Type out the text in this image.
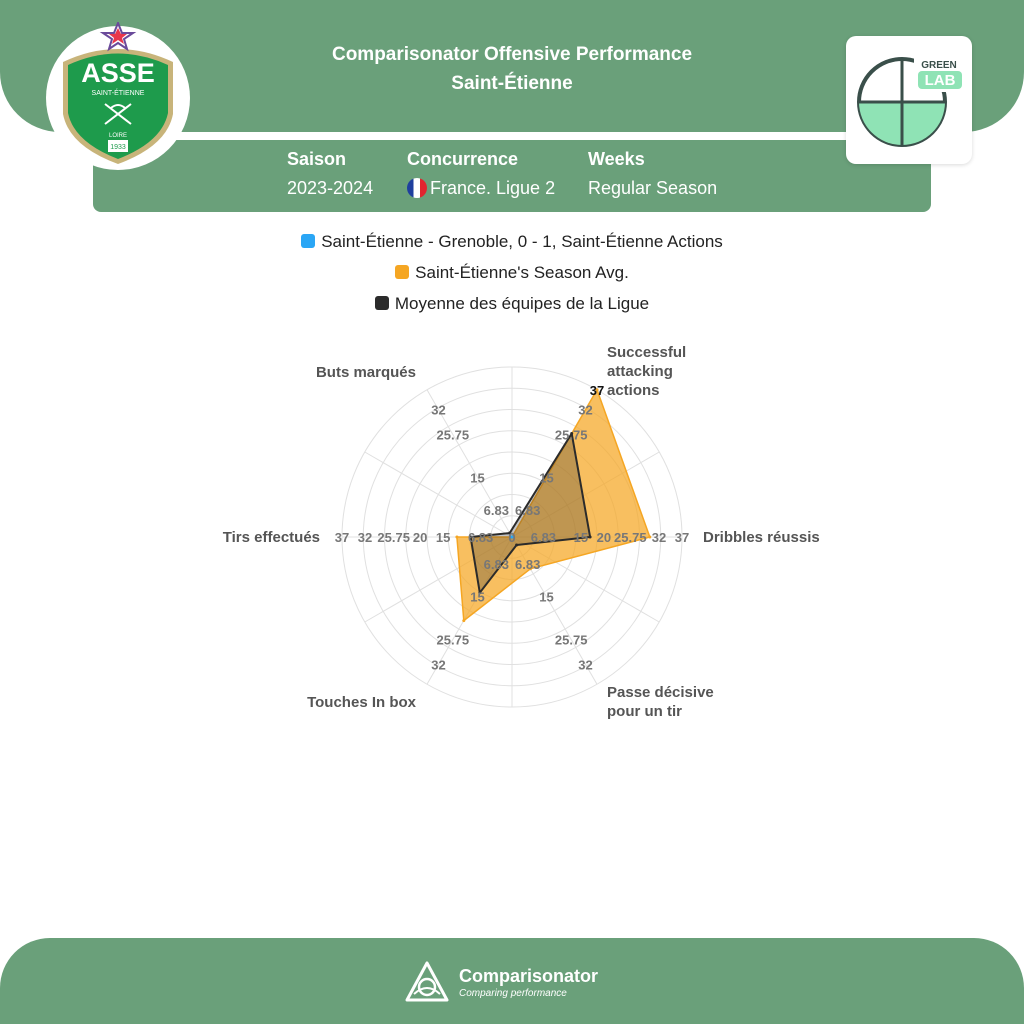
Comparisonator Offensive Performance
Saint-Étienne
Saison
2023-2024
Concurrence
France. Ligue 2
Weeks
Regular Season
ASSE
SAINT-ÉTIENNE
LOIRE
1933
GREEN
LAB
Saint-Étienne - Grenoble, 0 - 1, Saint-Étienne Actions
Saint-Étienne's Season Avg.
Moyenne des équipes de la Ligue
6.83
15
25.75
32
37
6.83 15 20 25.75 32 37
6.83
15
25.75
32
6.83
15
25.75
32
0
6.83
15
20
25.75
32
37
6.83
15
25.75
32
Successful
attacking
actions
Dribbles réussis
Passe décisive
pour un tir
Touches In box
Tirs effectués
Buts marqués
Comparisonator
Comparing performance
